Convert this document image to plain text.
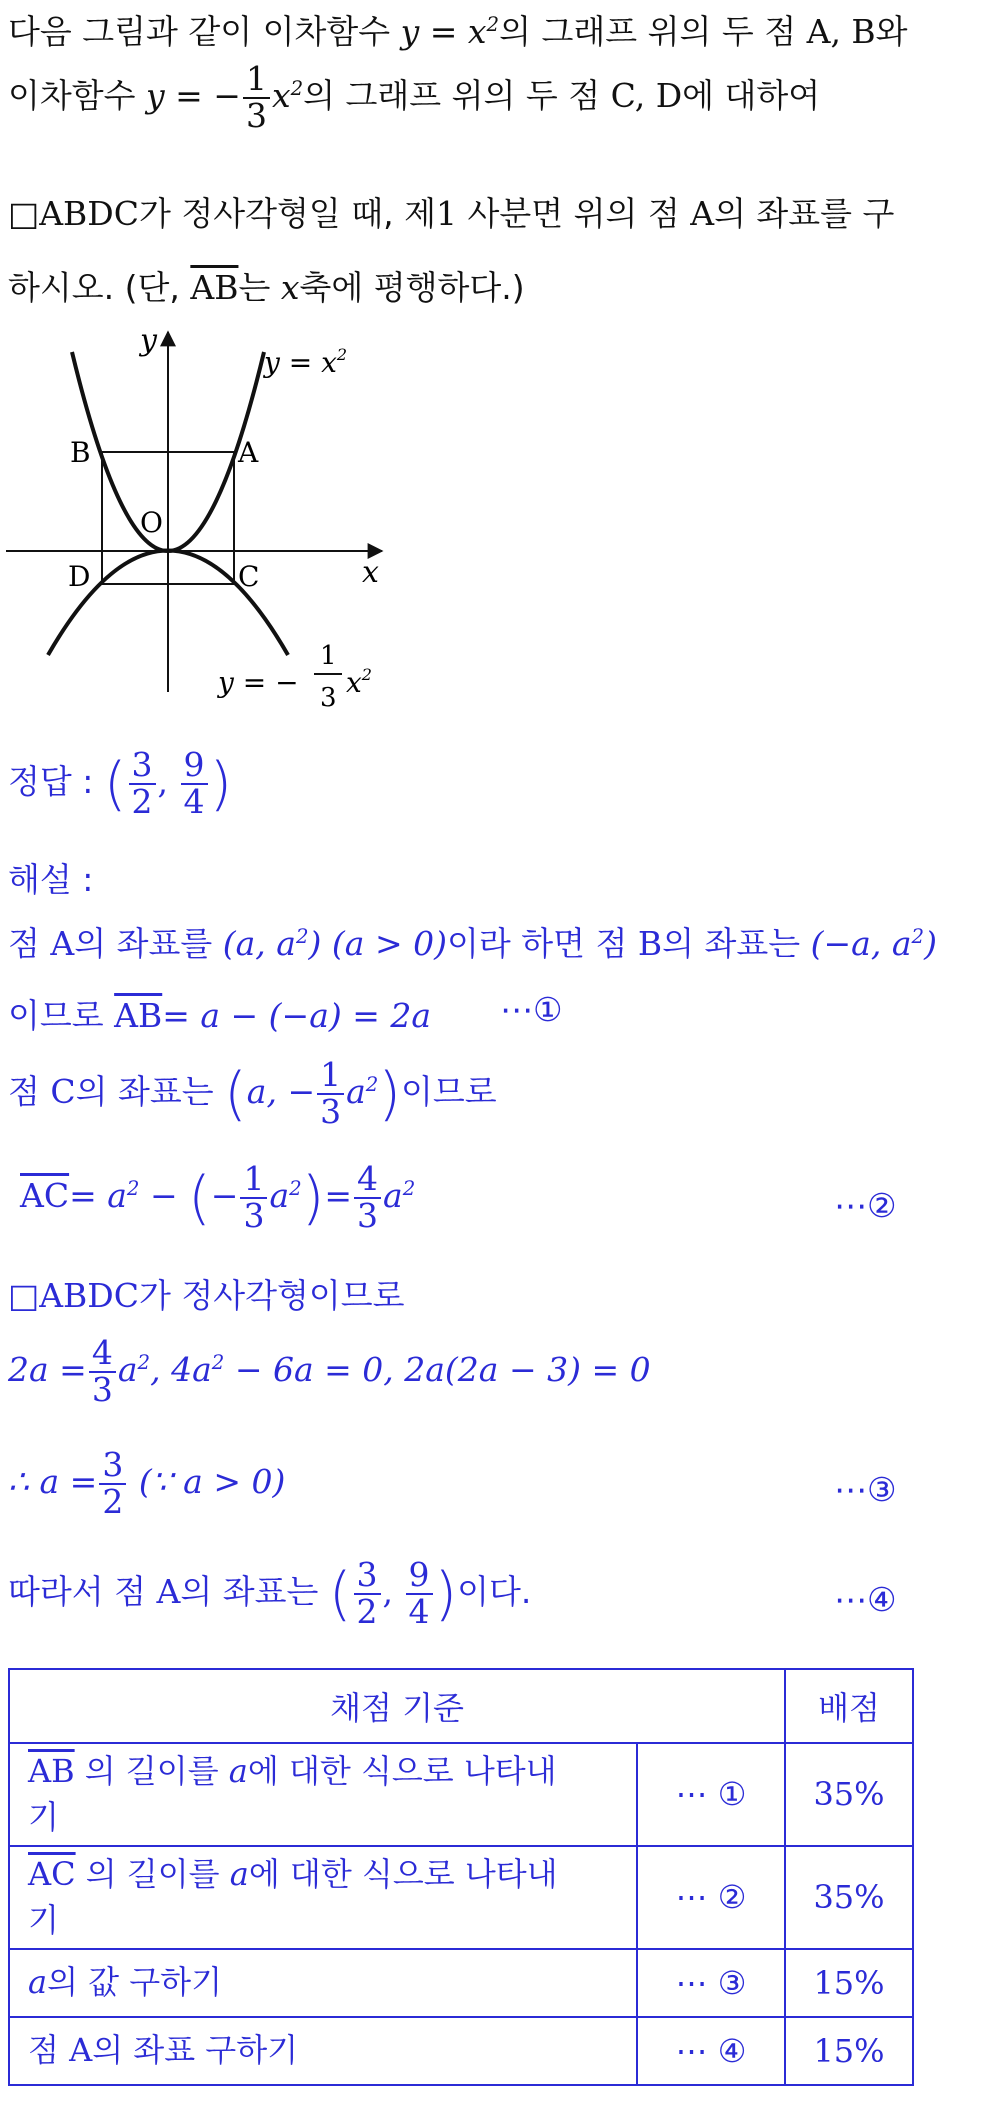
다음 그림과 같이 이차함수 $y = x^2$의 그래프 위의 두 점 A, B와
이차함수 y = − $\frac{1}{3} x^2$의 그래프 위의 두 점 C, D에 대하여
□ABDC가 정사각형일 때, 제1 사분면 위의 점 A의 좌표를 구
하시오. (단, $\overline{AB}$는 x축에 평행하다.)
y
x
O
A
B
C
D
$y = x^2$
y = −
1
3 $x^2$
정답 : ( $\frac{3}{2}$ , $\frac{9}{4}$ )
해설 :
점 A의 좌표를 (a, $a^2$) (a > 0)이라 하면 점 B의 좌표는 (−a, $a^2$)
이므로 $\overline{AB}= a - (-a) = 2a$ ⋯①
점 C의 좌표는 (a, − $\frac{1}{3} a^2$)이므로
$\overline{AC}= a^2$ − (− $\frac{1}{3} a^2)= \frac{4}{3} a^2$	⋯②
□ABDC가 정사각형이므로
$2a = \frac{4}{3} a^2$, $4a^2 - 6a = 0$, 2a(2a − 3) = 0
∴ $a = \frac{3}{2}$ (∵ a > 0)	⋯③
따라서 점 A의 좌표는 ( $\frac{3}{2}$ , $\frac{9}{4}$ )이다.	⋯④
채점 기준		배점
$\overline{AB}$ 의 길이를 a에 대한 식으로 나타내
기	⋯ ①	35%
$\overline{AC}$ 의 길이를 a에 대한 식으로 나타내
기	⋯ ②	35%
a의 값 구하기	⋯ ③	15%
점 A의 좌표 구하기	⋯ ④	15%
